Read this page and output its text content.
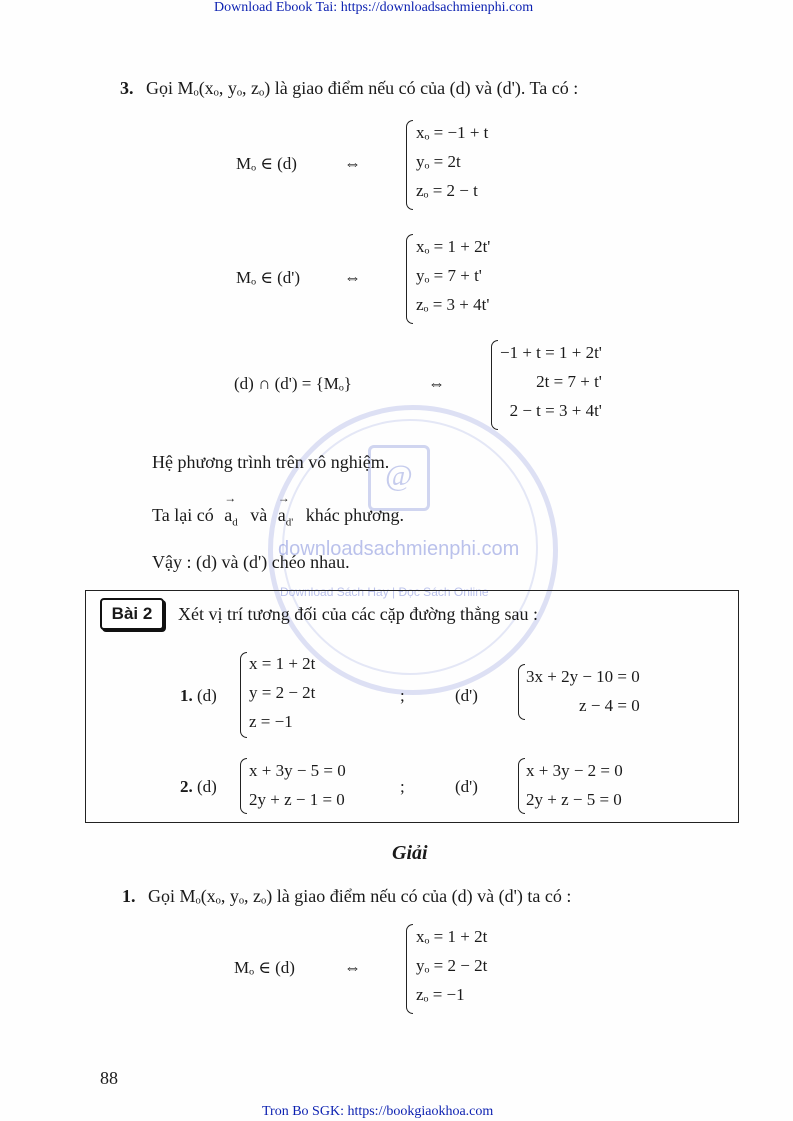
Download Ebook Tai: https://downloadsachmienphi.com
Tron Bo SGK: https://bookgiaokhoa.com
88
@
downloadsachmienphi.com
Download Sách Hay | Đọc Sách Online
3. Gọi Mₒ(xₒ, yₒ, zₒ) là giao điểm nếu có của (d) và (d'). Ta có :
Mₒ ∈ (d)	⇔
xₒ = −1 + t
yₒ = 2t
zₒ = 2 − t
Mₒ ∈ (d')	⇔
xₒ = 1 + 2t'
yₒ = 7 + t'
zₒ = 3 + 4t'
(d) ∩ (d') = {Mₒ}	⇔
−1 + t = 1 + 2t'
2t = 7 + t'
2 − t = 3 + 4t'
Hệ phương trình trên vô nghiệm.
Ta lại có → $a_d$ và → $a_{d'}$ khác phương.
Vậy : (d) và (d') chéo nhau.
Bài 2	Xét vị trí tương đối của các cặp đường thẳng sau :
1. (d)
x = 1 + 2t
y = 2 − 2t
z = −1
;	(d')
3x + 2y − 10 = 0
z − 4 = 0
2. (d)
x + 3y − 5 = 0
2y + z − 1 = 0
;	(d')
x + 3y − 2 = 0
2y + z − 5 = 0
Giải
1. Gọi Mₒ(xₒ, yₒ, zₒ) là giao điểm nếu có của (d) và (d') ta có :
Mₒ ∈ (d)	⇔
xₒ = 1 + 2t
yₒ = 2 − 2t
zₒ = −1
